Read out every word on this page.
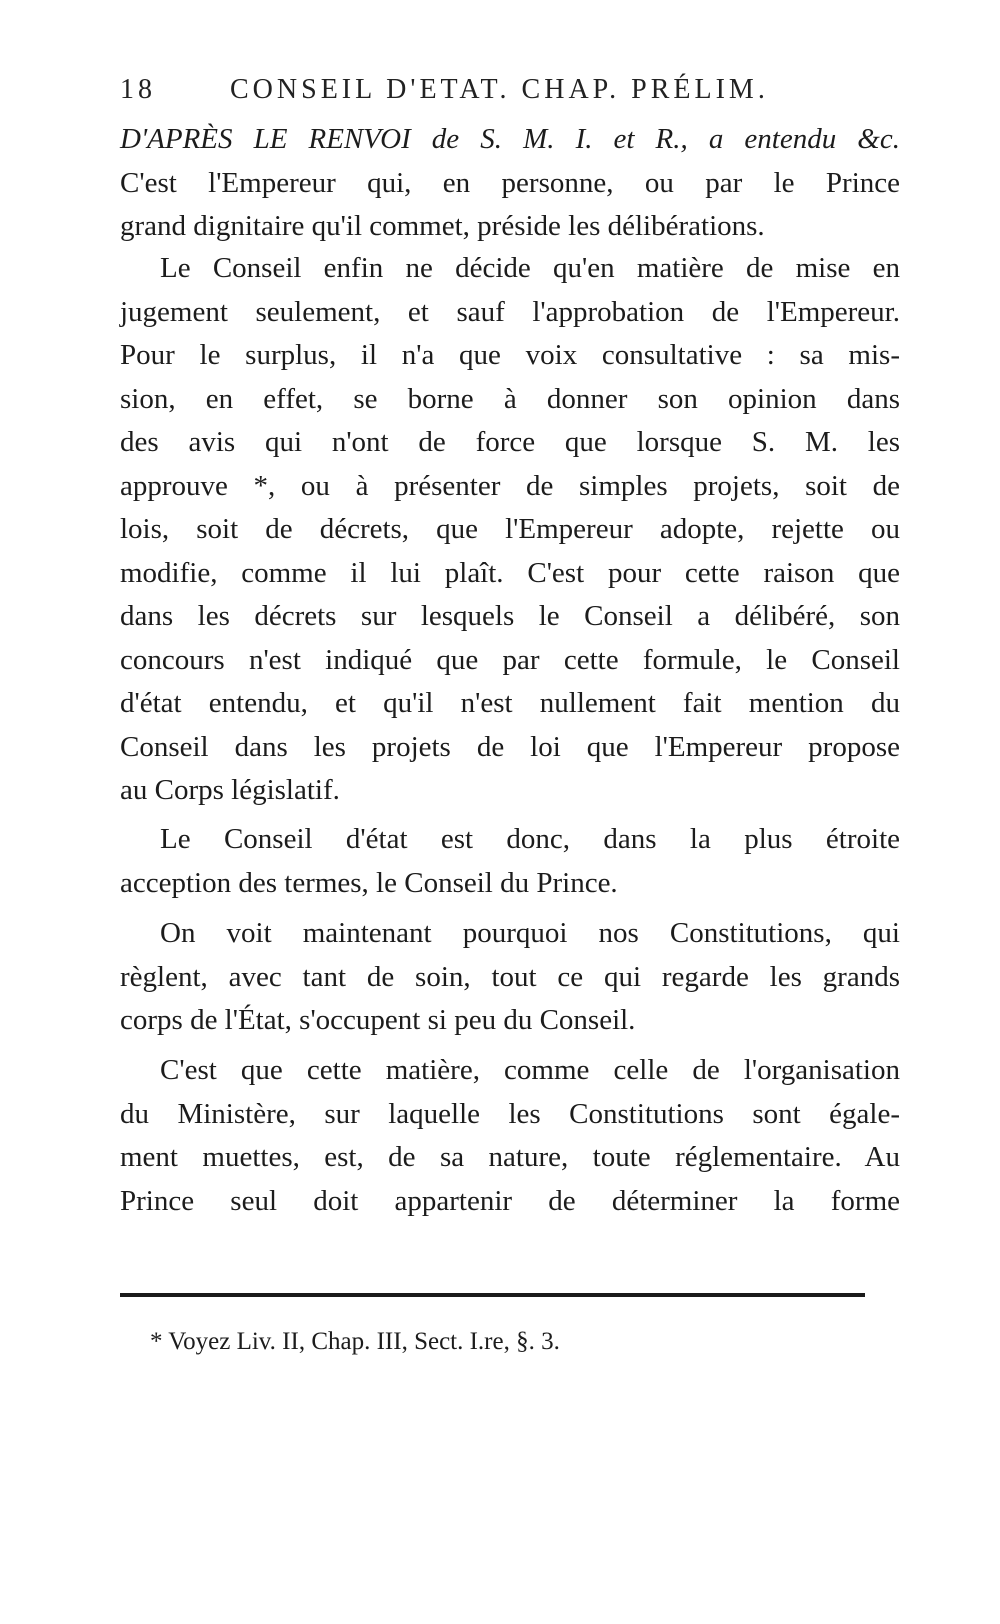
18	CONSEIL D'ETAT. CHAP. PRÉLIM.
D'APRÈS LE RENVOI de S. M. I. et R., a entendu &c.
C'est l'Empereur qui, en personne, ou par le Prince
grand dignitaire qu'il commet, préside les délibérations.
Le Conseil enfin ne décide qu'en matière de mise en
jugement seulement, et sauf l'approbation de l'Empereur.
Pour le surplus, il n'a que voix consultative : sa mis-
sion, en effet, se borne à donner son opinion dans
des avis qui n'ont de force que lorsque S. M. les
approuve *, ou à présenter de simples projets, soit de
lois, soit de décrets, que l'Empereur adopte, rejette ou
modifie, comme il lui plaît. C'est pour cette raison que
dans les décrets sur lesquels le Conseil a délibéré, son
concours n'est indiqué que par cette formule, le Conseil
d'état entendu, et qu'il n'est nullement fait mention du
Conseil dans les projets de loi que l'Empereur propose
au Corps législatif.
Le Conseil d'état est donc, dans la plus étroite
acception des termes, le Conseil du Prince.
On voit maintenant pourquoi nos Constitutions, qui
règlent, avec tant de soin, tout ce qui regarde les grands
corps de l'État, s'occupent si peu du Conseil.
C'est que cette matière, comme celle de l'organisation
du Ministère, sur laquelle les Constitutions sont égale-
ment muettes, est, de sa nature, toute réglementaire. Au
Prince seul doit appartenir de déterminer la forme
* Voyez Liv. II, Chap. III, Sect. I.re, §. 3.
